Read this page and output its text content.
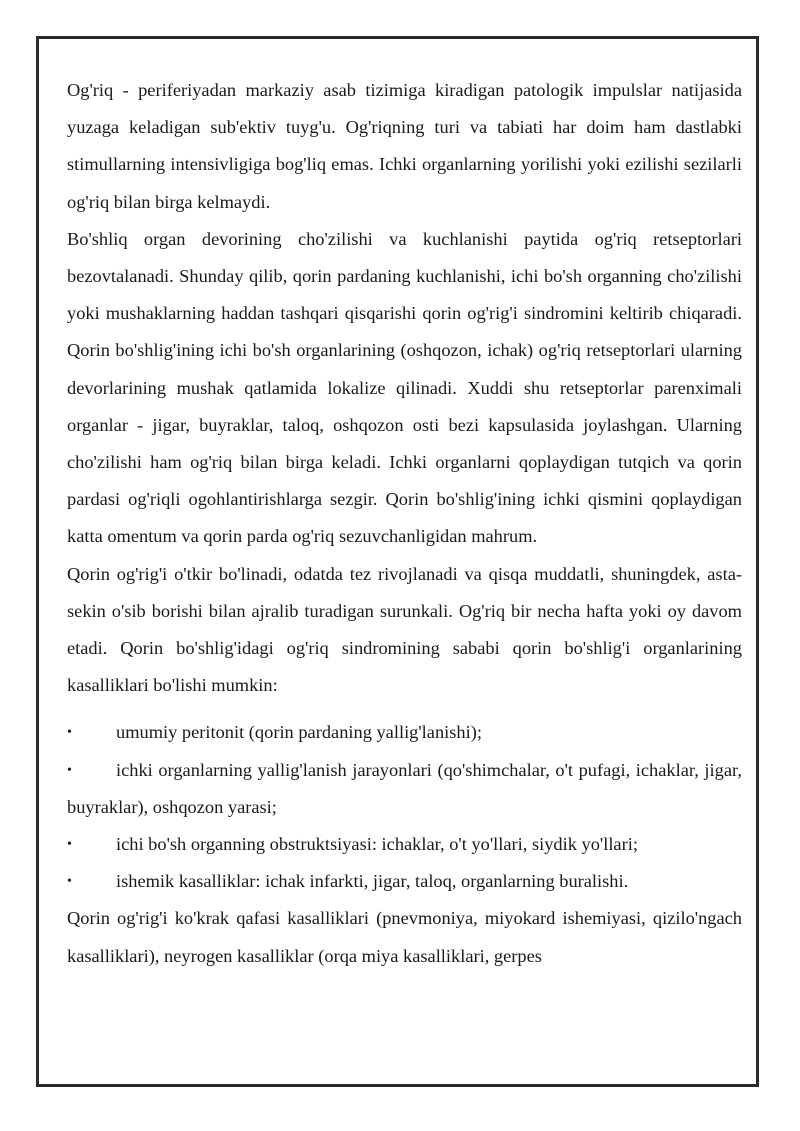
Og'riq - periferiyadan markaziy asab tizimiga kiradigan patologik impulslar natijasida yuzaga keladigan sub'ektiv tuyg'u. Og'riqning turi va tabiati har doim ham dastlabki stimullarning intensivligiga bog'liq emas. Ichki organlarning yorilishi yoki ezilishi sezilarli og'riq bilan birga kelmaydi.

Bo'shliq organ devorining cho'zilishi va kuchlanishi paytida og'riq retseptorlari bezovtalanadi. Shunday qilib, qorin pardaning kuchlanishi, ichi bo'sh organning cho'zilishi yoki mushaklarning haddan tashqari qisqarishi qorin og'rig'i sindromini keltirib chiqaradi. Qorin bo'shlig'ining ichi bo'sh organlarining (oshqozon, ichak) og'riq retseptorlari ularning devorlarining mushak qatlamida lokalize qilinadi. Xuddi shu retseptorlar parenximali organlar - jigar, buyraklar, taloq, oshqozon osti bezi kapsulasida joylashgan. Ularning cho'zilishi ham og'riq bilan birga keladi. Ichki organlarni qoplaydigan tutqich va qorin pardasi og'riqli ogohlantirishlarga sezgir. Qorin bo'shlig'ining ichki qismini qoplaydigan katta omentum va qorin parda og'riq sezuvchanligidan mahrum.

Qorin og'rig'i o'tkir bo'linadi, odatda tez rivojlanadi va qisqa muddatli, shuningdek, asta-sekin o'sib borishi bilan ajralib turadigan surunkali. Og'riq bir necha hafta yoki oy davom etadi. Qorin bo'shlig'idagi og'riq sindromining sababi qorin bo'shlig'i organlarining kasalliklari bo'lishi mumkin:

• umumiy peritonit (qorin pardaning yallig'lanishi);
• ichki organlarning yallig'lanish jarayonlari (qo'shimchalar, o't pufagi, ichaklar, jigar, buyraklar), oshqozon yarasi;
• ichi bo'sh organning obstruktsiyasi: ichaklar, o't yo'llari, siydik yo'llari;
• ishemik kasalliklar: ichak infarkti, jigar, taloq, organlarning buralishi.

Qorin og'rig'i ko'krak qafasi kasalliklari (pnevmoniya, miyokard ishemiyasi, qizilo'ngach kasalliklari), neyrogen kasalliklar (orqa miya kasalliklari, gerpes
